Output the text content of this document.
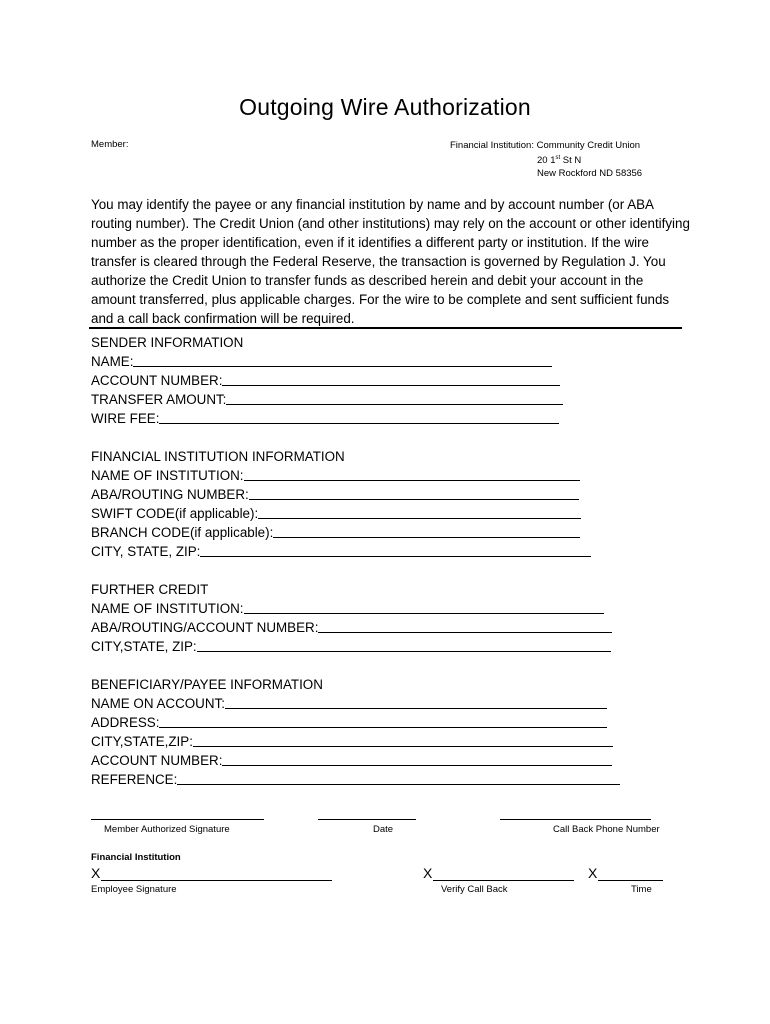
Outgoing Wire Authorization
Member:	Financial Institution: Community Credit Union
20 1st St N
New Rockford ND 58356
You may identify the payee or any financial institution by name and by account number (or ABA routing number). The Credit Union (and other institutions) may rely on the account or other identifying number as the proper identification, even if it identifies a different party or institution. If the wire transfer is cleared through the Federal Reserve, the transaction is governed by Regulation J. You authorize the Credit Union to transfer funds as described herein and debit your account in the amount transferred, plus applicable charges. For the wire to be complete and sent sufficient funds and a call back confirmation will be required.
SENDER INFORMATION
NAME:
ACCOUNT NUMBER:
TRANSFER AMOUNT:
WIRE FEE:
FINANCIAL INSTITUTION INFORMATION
NAME OF INSTITUTION:
ABA/ROUTING NUMBER:
SWIFT CODE(if applicable):
BRANCH CODE(if applicable):
CITY, STATE, ZIP:
FURTHER CREDIT
NAME OF INSTITUTION:
ABA/ROUTING/ACCOUNT NUMBER:
CITY,STATE, ZIP:
BENEFICIARY/PAYEE INFORMATION
NAME ON ACCOUNT:
ADDRESS:
CITY,STATE,ZIP:
ACCOUNT NUMBER:
REFERENCE:
Member Authorized Signature	Date	Call Back Phone Number
Financial Institution
X	X	X
Employee Signature	Verify Call Back	Time
